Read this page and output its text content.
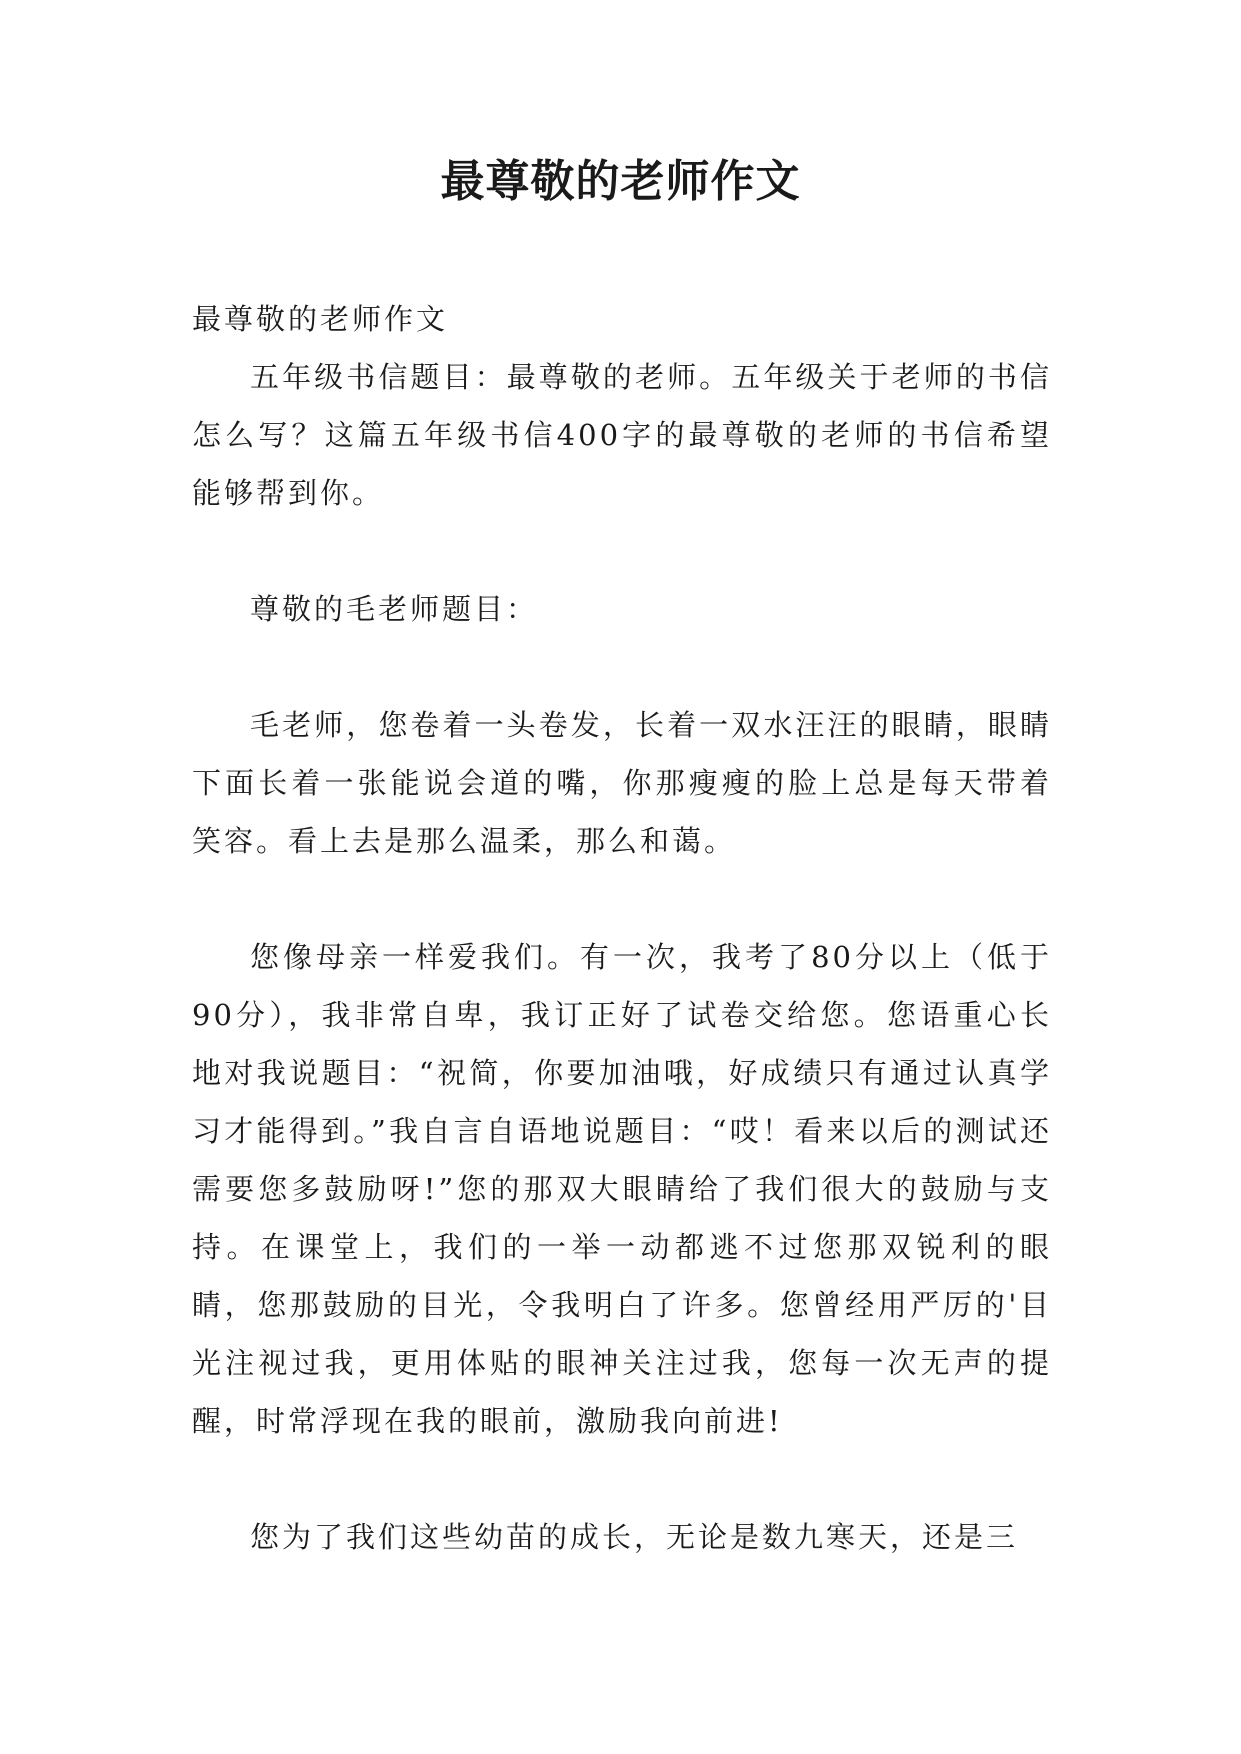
最尊敬的老师作文

最尊敬的老师作文

五年级书信题目：最尊敬的老师。五年级关于老师的书信怎么写？这篇五年级书信400字的最尊敬的老师的书信希望能够帮到你。

尊敬的毛老师题目：

毛老师，您卷着一头卷发，长着一双水汪汪的眼睛，眼睛下面长着一张能说会道的嘴，你那瘦瘦的脸上总是每天带着笑容。看上去是那么温柔，那么和蔼。

您像母亲一样爱我们。有一次，我考了80分以上（低于90分），我非常自卑，我订正好了试卷交给您。您语重心长地对我说题目：“祝简，你要加油哦，好成绩只有通过认真学习才能得到。”我自言自语地说题目：“哎！看来以后的测试还需要您多鼓励呀!”您的那双大眼睛给了我们很大的鼓励与支持。在课堂上，我们的一举一动都逃不过您那双锐利的眼睛，您那鼓励的目光，令我明白了许多。您曾经用严厉的'目光注视过我，更用体贴的眼神关注过我，您每一次无声的提醒，时常浮现在我的眼前，激励我向前进!

您为了我们这些幼苗的成长，无论是数九寒天，还是三
